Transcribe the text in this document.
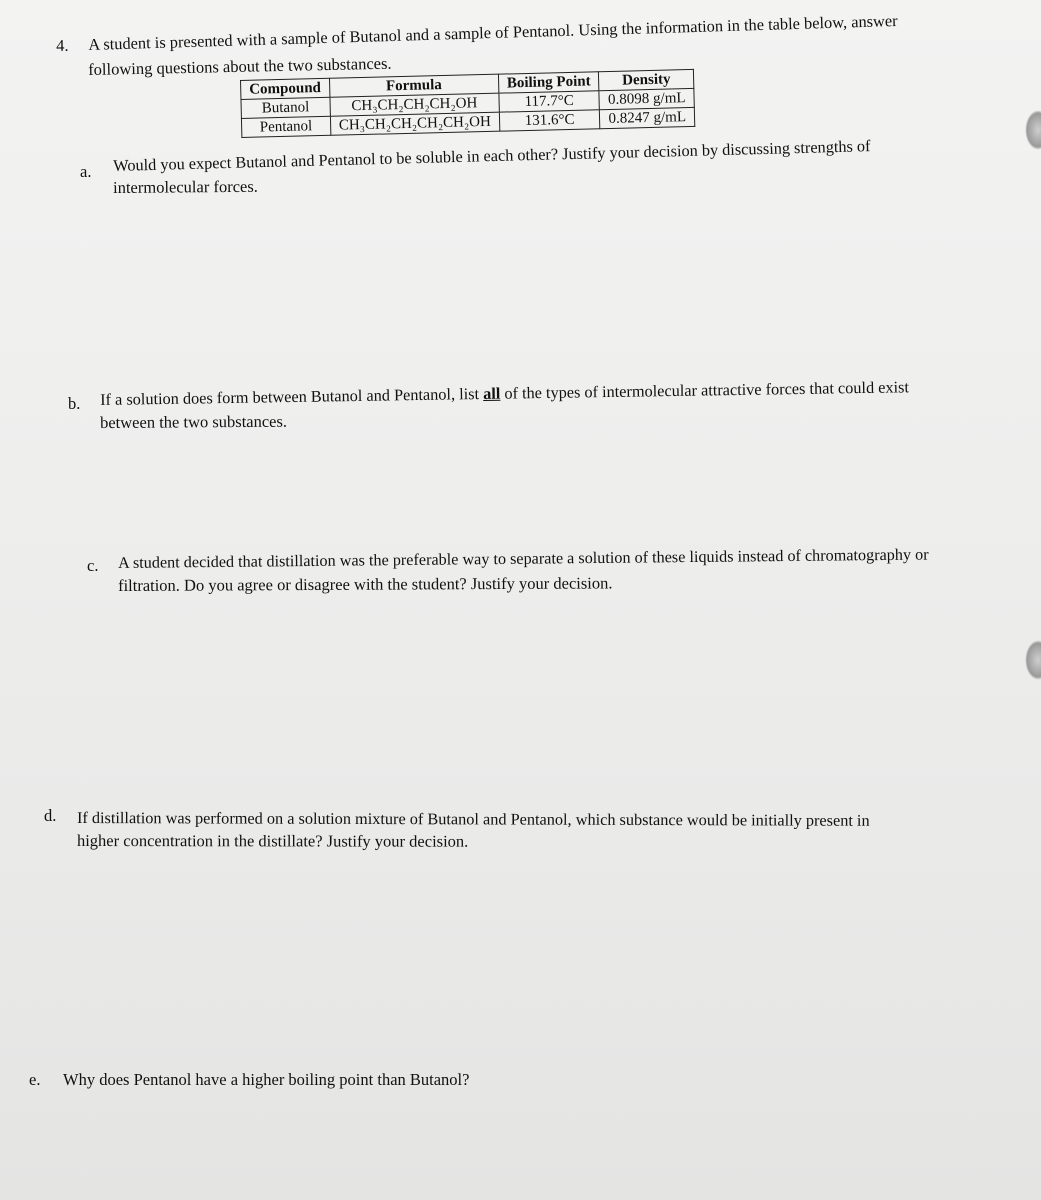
4. A student is presented with a sample of Butanol and a sample of Pentanol. Using the information in the table below, answer
following questions about the two substances.
Compound	Formula	Boiling Point	Density
Butanol	CH₃CH₂CH₂CH₂OH	117.7°C	0.8098 g/mL
Pentanol	CH₃CH₂CH₂CH₂CH₂OH	131.6°C	0.8247 g/mL
a. Would you expect Butanol and Pentanol to be soluble in each other? Justify your decision by discussing strengths of
intermolecular forces.

b. If a solution does form between Butanol and Pentanol, list all of the types of intermolecular attractive forces that could exist
between the two substances.
c. A student decided that distillation was the preferable way to separate a solution of these liquids instead of chromatography or
filtration. Do you agree or disagree with the student? Justify your decision.
d. If distillation was performed on a solution mixture of Butanol and Pentanol, which substance would be initially present in
higher concentration in the distillate? Justify your decision.
e. Why does Pentanol have a higher boiling point than Butanol?
